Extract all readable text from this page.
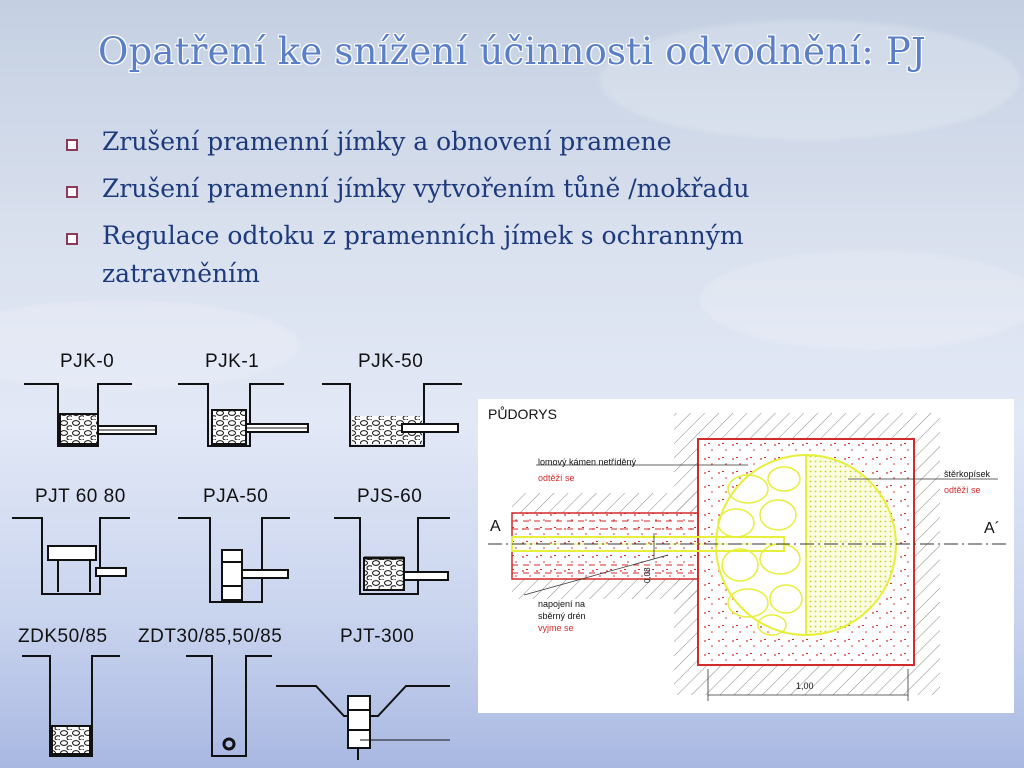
Opatření ke snížení účinnosti odvodnění: PJ
Zrušení pramenní jímky a obnovení pramene
Zrušení pramenní jímky vytvořením tůně /mokřadu
Regulace odtoku z pramenních jímek s ochranným zatravněním
PJK-0	PJK-1	PJK-50
PJT 60 80	PJA-50	PJS-60
ZDK50/85 ZDT30/85,50/85	PJT-300
PŮDORYS
A	A´
lomový kámen netříděný
odtěží se	štěrkopísek
odtěží se
napojení na
sběrný drén
vyjme se
0,08
1,00
